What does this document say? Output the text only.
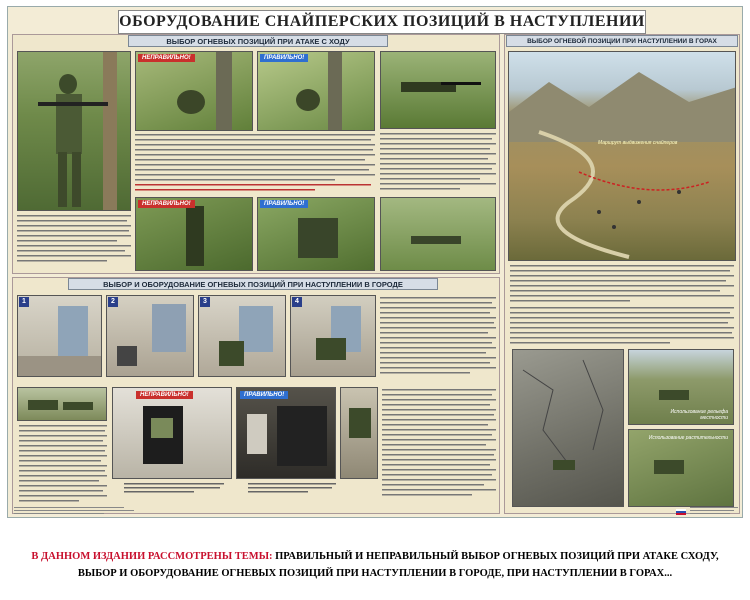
ОБОРУДОВАНИЕ СНАЙПЕРСКИХ ПОЗИЦИЙ В НАСТУПЛЕНИИ
ВЫБОР ОГНЕВЫХ ПОЗИЦИЙ ПРИ АТАКЕ С ХОДУ
НЕПРАВИЛЬНО!	ПРАВИЛЬНО!
НЕПРАВИЛЬНО!	ПРАВИЛЬНО!
ВЫБОР ОГНЕВОЙ ПОЗИЦИИ ПРИ НАСТУПЛЕНИИ В ГОРАХ
Маршрут выдвижения снайперов
Использование рельефа местности
Использование растительности
ВЫБОР И ОБОРУДОВАНИЕ ОГНЕВЫХ ПОЗИЦИЙ ПРИ НАСТУПЛЕНИИ В ГОРОДЕ
1	2	3	4
НЕПРАВИЛЬНО!	ПРАВИЛЬНО!
В ДАННОМ ИЗДАНИИ РАССМОТРЕНЫ ТЕМЫ: ПРАВИЛЬНЫЙ И НЕПРАВИЛЬНЫЙ ВЫБОР ОГНЕВЫХ ПОЗИЦИЙ ПРИ АТАКЕ СХОДУ,
ВЫБОР И ОБОРУДОВАНИЕ ОГНЕВЫХ ПОЗИЦИЙ ПРИ НАСТУПЛЕНИИ В ГОРОДЕ, ПРИ НАСТУПЛЕНИИ В ГОРАХ...
